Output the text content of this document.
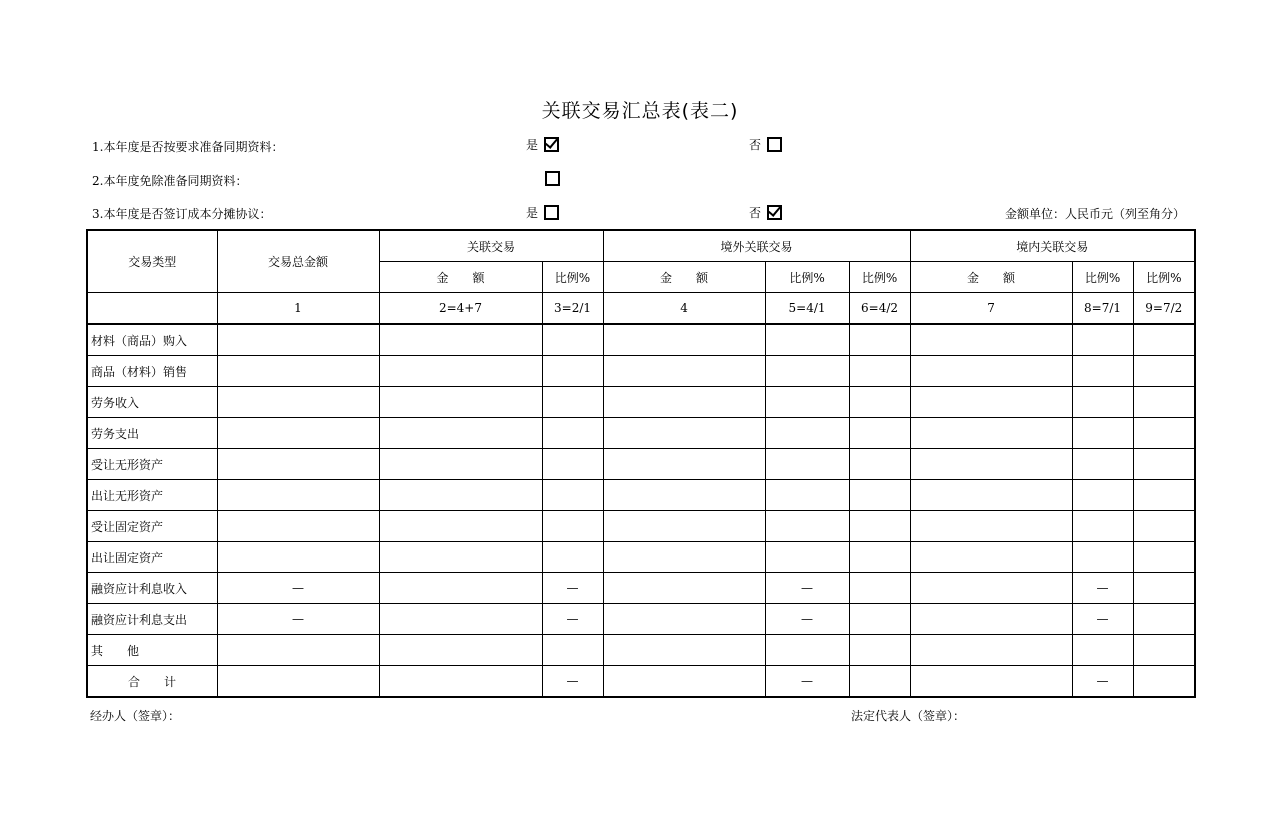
关联交易汇总表(表二)
1.本年度是否按要求准备同期资料：	是	否
2.本年度免除准备同期资料：
3.本年度是否签订成本分摊协议：	是	否	金额单位：人民币元（列至角分）
交易类型	交易总金额	关联交易		境外关联交易			境内关联交易		
		金　　额	比例%	金　　额	比例%	比例%	金　　额	比例%	比例%
	1	2=4+7	3=2/1	4	5=4/1	6=4/2	7	8=7/1	9=7/2
材料（商品）购入									
商品（材料）销售									
劳务收入									
劳务支出									
受让无形资产									
出让无形资产									
受让固定资产									
出让固定资产									
融资应计利息收入	—		—		—			—	
融资应计利息支出	—		—		—			—	
其　　他									
合　　计			—		—			—	
经办人（签章）：	法定代表人（签章）：
